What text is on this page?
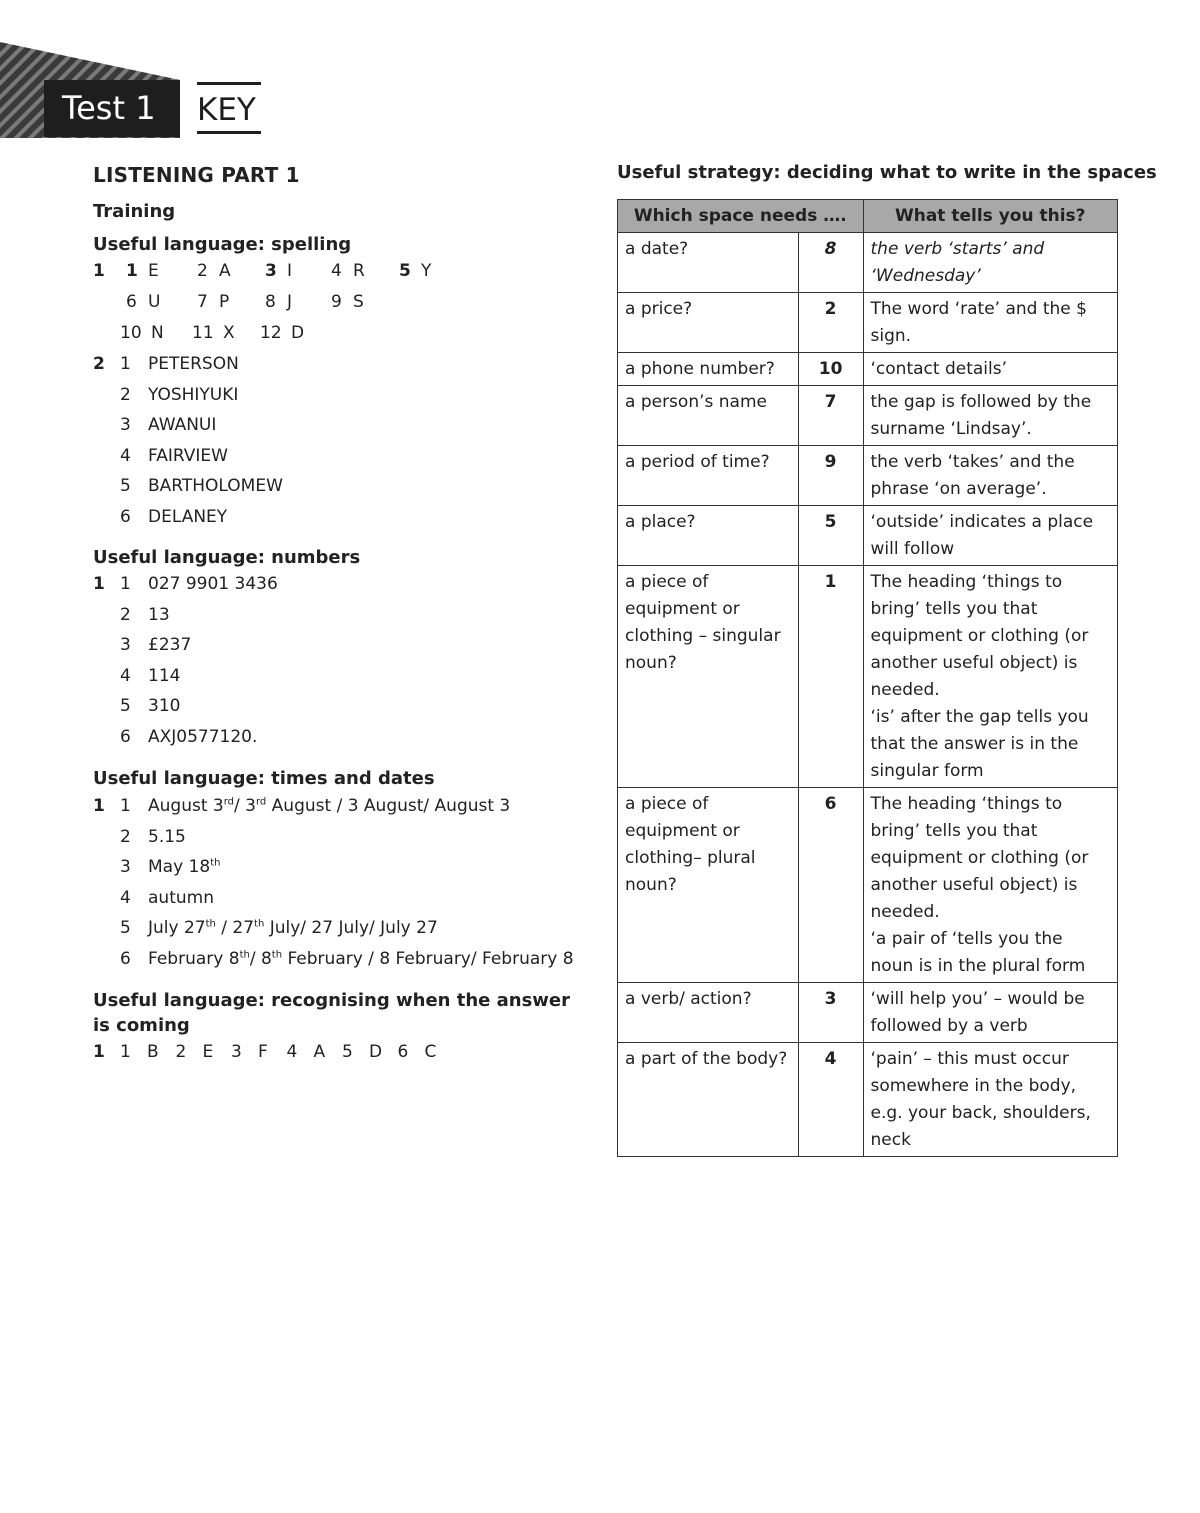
Test 1	KEY
LISTENING PART 1
Training
Useful language: spelling
1 1 E 2 A 3 I 4 R 5 Y
6 U 7 P 8 J 9 S
10 N 11 X 12 D
2 1 PETERSON
2 YOSHIYUKI
3 AWANUI
4 FAIRVIEW
5 BARTHOLOMEW
6 DELANEY
Useful language: numbers
1 1 027 9901 3436
2 13
3 £237
4 114
5 310
6 AXJ0577120.
Useful language: times and dates
1 1 August 3rd/ 3rd August / 3 August/ August 3
2 5.15
3 May 18th
4 autumn
5 July 27th / 27th July/ 27 July/ July 27
6 February 8th/ 8th February / 8 February/ February 8
Useful language: recognising when the answer
is coming
1 1 B 2 E 3 F 4 A 5 D 6 C
Useful strategy: deciding what to write in the spaces
Which space needs ….		What tells you this?
a date?	8	the verb ‘starts’ and ‘Wednesday’

a price?	2	The word ‘rate’ and the $ sign.

a phone number?	10	‘contact details’

a person’s name	7	the gap is followed by the surname ‘Lindsay’.

a period of time?	9	the verb ‘takes’ and the phrase ‘on average’.

a place?	5	‘outside’ indicates a place will follow

a piece of equipment or clothing – singular noun?	1	The heading ‘things to bring’ tells you that equipment or clothing (or another useful object) is needed.
‘is’ after the gap tells you that the answer is in the singular form

a piece of equipment or clothing– plural noun?	6	The heading ‘things to bring’ tells you that equipment or clothing (or another useful object) is needed.
‘a pair of ‘tells you the noun is in the plural form

a verb/ action?	3	‘will help you’ – would be followed by a verb

a part of the body?	4	‘pain’ – this must occur somewhere in the body, e.g. your back, shoulders, neck
